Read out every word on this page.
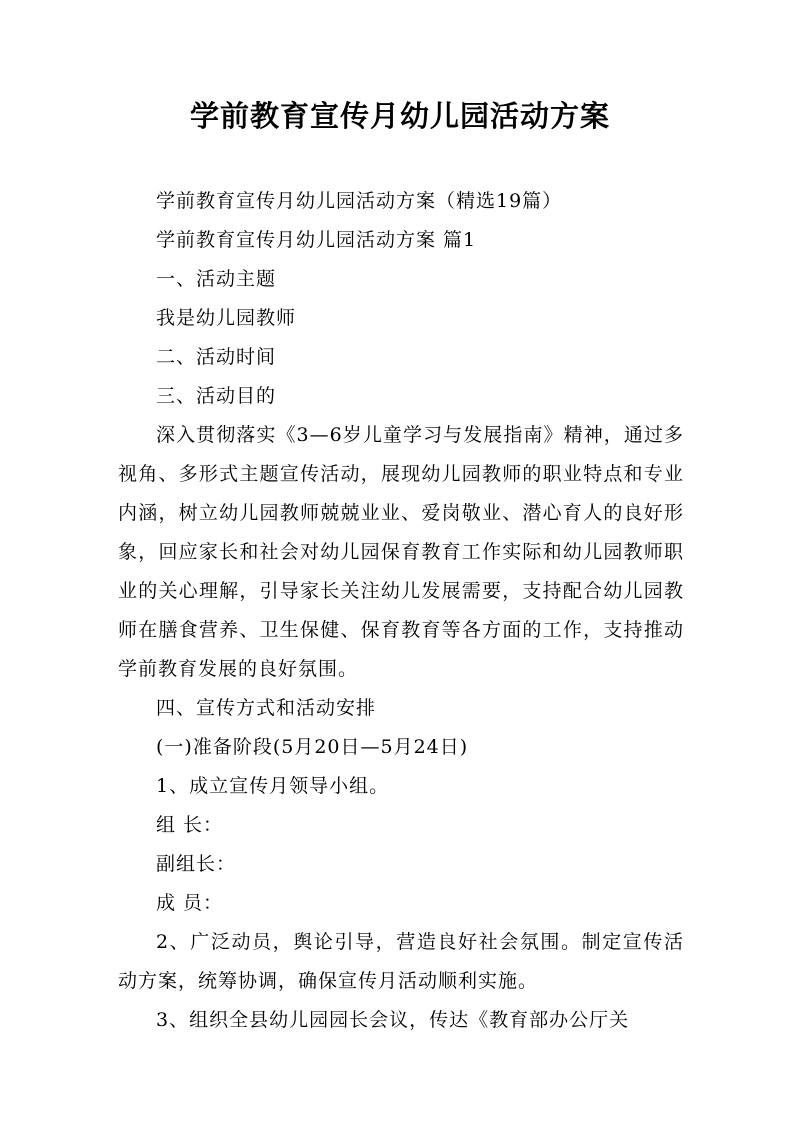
学前教育宣传月幼儿园活动方案

学前教育宣传月幼儿园活动方案（精选19篇）

学前教育宣传月幼儿园活动方案 篇1

一、活动主题

我是幼儿园教师

二、活动时间

三、活动目的

深入贯彻落实《3—6岁儿童学习与发展指南》精神，通过多视角、多形式主题宣传活动，展现幼儿园教师的职业特点和专业内涵，树立幼儿园教师兢兢业业、爱岗敬业、潜心育人的良好形象，回应家长和社会对幼儿园保育教育工作实际和幼儿园教师职业的关心理解，引导家长关注幼儿发展需要，支持配合幼儿园教师在膳食营养、卫生保健、保育教育等各方面的工作，支持推动学前教育发展的良好氛围。

四、宣传方式和活动安排

(一)准备阶段(5月20日—5月24日)

1、成立宣传月领导小组。

组 长：

副组长：

成 员：

2、广泛动员，舆论引导，营造良好社会氛围。制定宣传活动方案，统筹协调，确保宣传月活动顺利实施。

3、组织全县幼儿园园长会议，传达《教育部办公厅关
